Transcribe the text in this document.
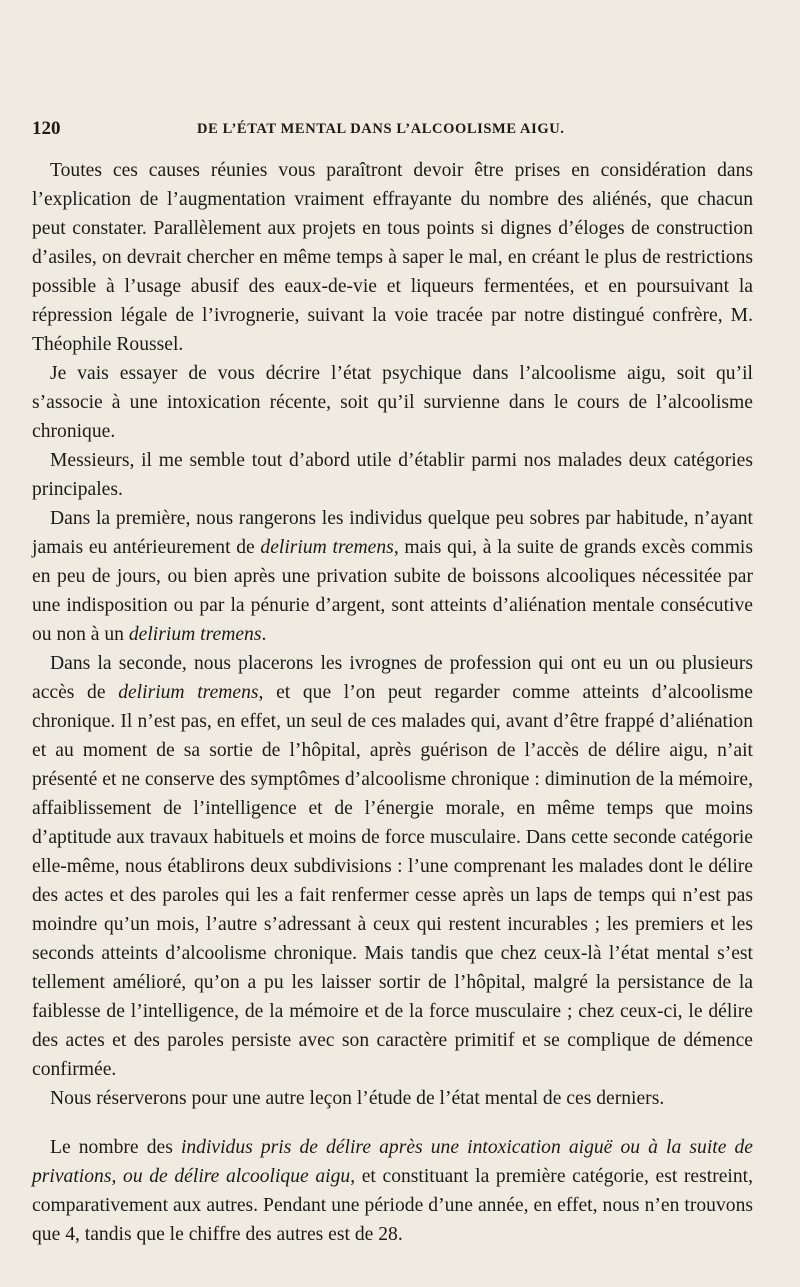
120	DE L’ÉTAT MENTAL DANS L’ALCOOLISME AIGU.

Toutes ces causes réunies vous paraîtront devoir être prises en considération dans l’explication de l’augmentation vraiment effrayante du nombre des aliénés, que chacun peut constater. Parallèlement aux projets en tous points si dignes d’éloges de construction d’asiles, on devrait chercher en même temps à saper le mal, en créant le plus de restrictions possible à l’usage abusif des eaux-de-vie et liqueurs fermentées, et en poursuivant la répression légale de l’ivrognerie, suivant la voie tracée par notre distingué confrère, M. Théophile Roussel.

Je vais essayer de vous décrire l’état psychique dans l’alcoolisme aigu, soit qu’il s’associe à une intoxication récente, soit qu’il survienne dans le cours de l’alcoolisme chronique.

Messieurs, il me semble tout d’abord utile d’établir parmi nos malades deux catégories principales.

Dans la première, nous rangerons les individus quelque peu sobres par habitude, n’ayant jamais eu antérieurement de delirium tremens, mais qui, à la suite de grands excès commis en peu de jours, ou bien après une privation subite de boissons alcooliques nécessitée par une indisposition ou par la pénurie d’argent, sont atteints d’aliénation mentale consécutive ou non à un delirium tremens.

Dans la seconde, nous placerons les ivrognes de profession qui ont eu un ou plusieurs accès de delirium tremens, et que l’on peut regarder comme atteints d’alcoolisme chronique. Il n’est pas, en effet, un seul de ces malades qui, avant d’être frappé d’aliénation et au moment de sa sortie de l’hôpital, après guérison de l’accès de délire aigu, n’ait présenté et ne conserve des symptômes d’alcoolisme chronique : diminution de la mémoire, affaiblissement de l’intelligence et de l’énergie morale, en même temps que moins d’aptitude aux travaux habituels et moins de force musculaire. Dans cette seconde catégorie elle-même, nous établirons deux subdivisions : l’une comprenant les malades dont le délire des actes et des paroles qui les a fait renfermer cesse après un laps de temps qui n’est pas moindre qu’un mois, l’autre s’adressant à ceux qui restent incurables ; les premiers et les seconds atteints d’alcoolisme chronique. Mais tandis que chez ceux-là l’état mental s’est tellement amélioré, qu’on a pu les laisser sortir de l’hôpital, malgré la persistance de la faiblesse de l’intelligence, de la mémoire et de la force musculaire ; chez ceux-ci, le délire des actes et des paroles persiste avec son caractère primitif et se complique de démence confirmée.

Nous réserverons pour une autre leçon l’étude de l’état mental de ces derniers.

Le nombre des individus pris de délire après une intoxication aiguë ou à la suite de privations, ou de délire alcoolique aigu, et constituant la première catégorie, est restreint, comparativement aux autres. Pendant une période d’une année, en effet, nous n’en trouvons que 4, tandis que le chiffre des autres est de 28.
